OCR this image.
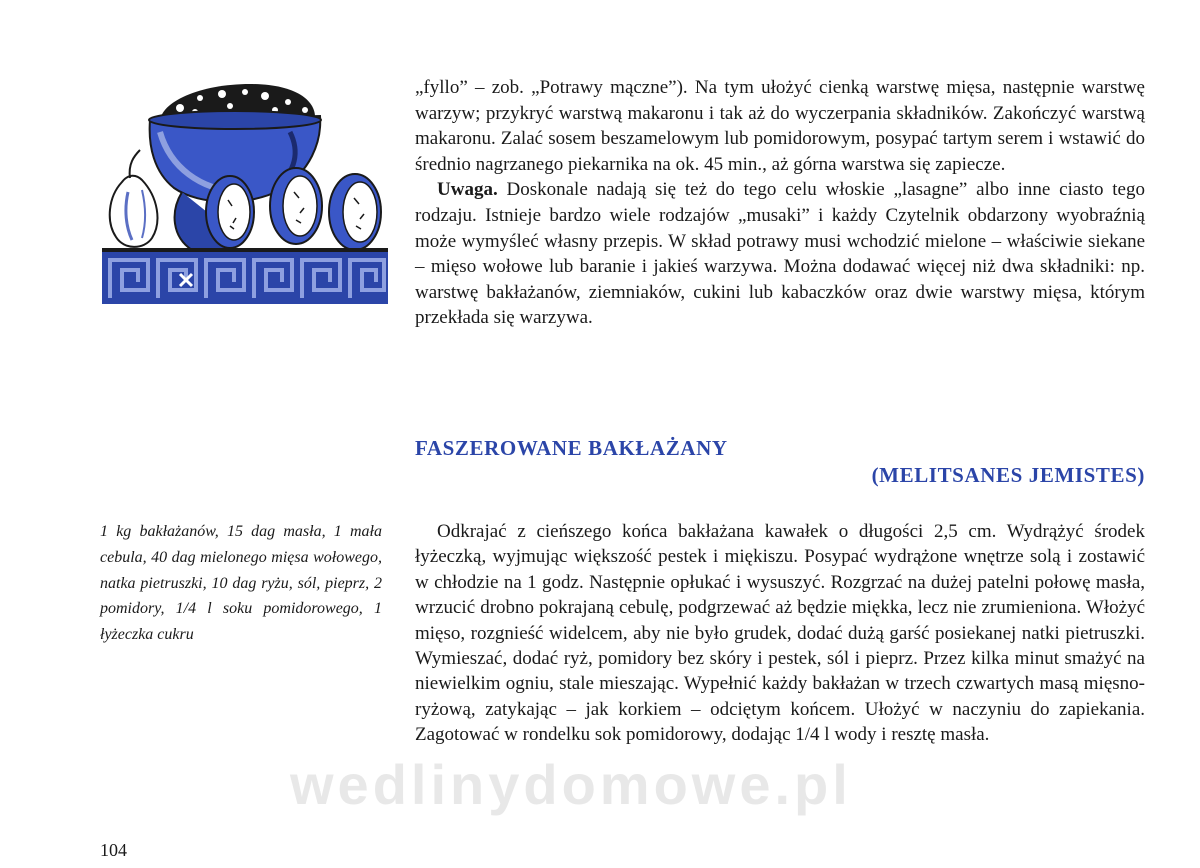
„fyllo” – zob. „Potrawy mączne”). Na tym ułożyć cienką warstwę mięsa, następnie warstwę warzyw; przykryć warstwą makaronu i tak aż do wyczerpania składników. Zakończyć warstwą makaronu. Zalać sosem beszamelowym lub pomidorowym, posypać tartym serem i wstawić do średnio nagrzanego piekarnika na ok. 45 min., aż górna warstwa się zapiecze.

Uwaga. Doskonale nadają się też do tego celu włoskie „lasagne” albo inne ciasto tego rodzaju. Istnieje bardzo wiele rodzajów „musaki” i każdy Czytelnik obdarzony wyobraźnią może wymyśleć własny przepis. W skład potrawy musi wchodzić mielone – właściwie siekane – mięso wołowe lub baranie i jakieś warzywa. Można dodawać więcej niż dwa składniki: np. warstwę bakłażanów, ziemniaków, cukini lub kabaczków oraz dwie warstwy mięsa, którym przekłada się warzywa.

FASZEROWANE BAKŁAŻANY
(MELITSANES JEMISTES)

1 kg bakłażanów, 15 dag masła, 1 mała cebula, 40 dag mielonego mięsa wołowego, natka pietruszki, 10 dag ryżu, sól, pieprz, 2 pomidory, 1/4 l soku pomidorowego, 1 łyżeczka cukru

Odkrajać z cieńszego końca bakłażana kawałek o długości 2,5 cm. Wydrążyć środek łyżeczką, wyjmując większość pestek i miękiszu. Posypać wydrążone wnętrze solą i zostawić w chłodzie na 1 godz. Następnie opłukać i wysuszyć. Rozgrzać na dużej patelni połowę masła, wrzucić drobno pokrajaną cebulę, podgrzewać aż będzie miękka, lecz nie zrumieniona. Włożyć mięso, rozgnieść widelcem, aby nie było grudek, dodać dużą garść posiekanej natki pietruszki. Wymieszać, dodać ryż, pomidory bez skóry i pestek, sól i pieprz. Przez kilka minut smażyć na niewielkim ogniu, stale mieszając. Wypełnić każdy bakłażan w trzech czwartych masą mięsno-ryżową, zatykając – jak korkiem – odciętym końcem. Ułożyć w naczyniu do zapiekania. Zagotować w rondelku sok pomidorowy, dodając 1/4 l wody i resztę masła.

wedlinydomowe.pl
104
